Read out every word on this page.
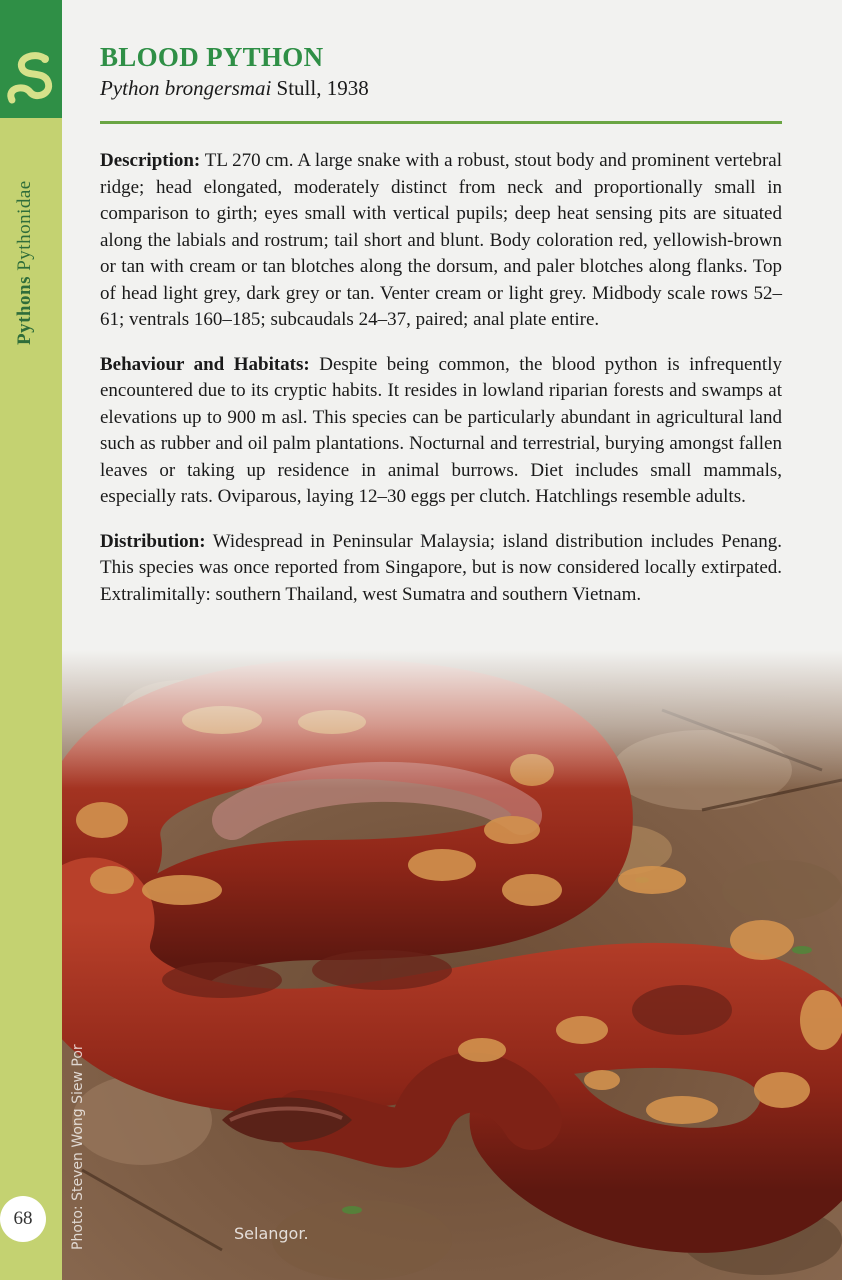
Pythons Pythonidae
BLOOD PYTHON
Python brongersmai Stull, 1938

Description: TL 270 cm. A large snake with a robust, stout body and prominent vertebral ridge; head elongated, moderately distinct from neck and proportionally small in comparison to girth; eyes small with vertical pupils; deep heat sensing pits are situated along the labials and rostrum; tail short and blunt. Body coloration red, yellowish-brown or tan with cream or tan blotches along the dorsum, and paler blotches along flanks. Top of head light grey, dark grey or tan. Venter cream or light grey. Midbody scale rows 52–61; ventrals 160–185; subcaudals 24–37, paired; anal plate entire.

Behaviour and Habitats: Despite being common, the blood python is infrequently encountered due to its cryptic habits. It resides in lowland riparian forests and swamps at elevations up to 900 m asl. This species can be particularly abundant in agricultural land such as rubber and oil palm plantations. Nocturnal and terrestrial, burying amongst fallen leaves or taking up residence in animal burrows. Diet includes small mammals, especially rats. Oviparous, laying 12–30 eggs per clutch. Hatchlings resemble adults.

Distribution: Widespread in Peninsular Malaysia; island distribution includes Penang. This species was once reported from Singapore, but is now considered locally extirpated. Extralimitally: southern Thailand, west Sumatra and southern Vietnam.

Photo: Steven Wong Siew Por	Selangor.
68
